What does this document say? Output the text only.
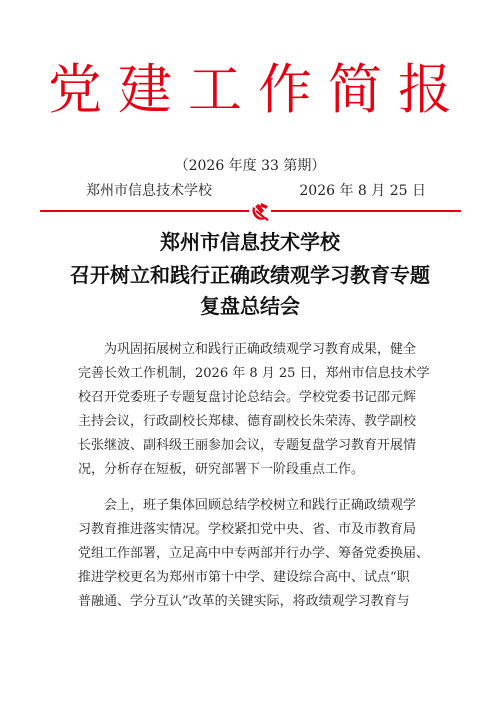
党建工作简报
（2026 年度 33 第期）
郑州市信息技术学校	2026 年 8 月 25 日
郑州市信息技术学校
召开树立和践行正确政绩观学习教育专题
复盘总结会
　　为巩固拓展树立和践行正确政绩观学习教育成果，健全
完善长效工作机制，2026 年 8 月 25 日，郑州市信息技术学
校召开党委班子专题复盘讨论总结会。学校党委书记邵元辉
主持会议，行政副校长郑棣、德育副校长朱荣涛、教学副校
长张继波、副科级王丽参加会议，专题复盘学习教育开展情
况，分析存在短板，研究部署下一阶段重点工作。
　　会上，班子集体回顾总结学校树立和践行正确政绩观学
习教育推进落实情况。学校紧扣党中央、省、市及市教育局
党组工作部署，立足高中中专两部并行办学、筹备党委换届、
推进学校更名为郑州市第十中学、建设综合高中、试点“职
普融通、学分互认”改革的关键实际，将政绩观学习教育与
